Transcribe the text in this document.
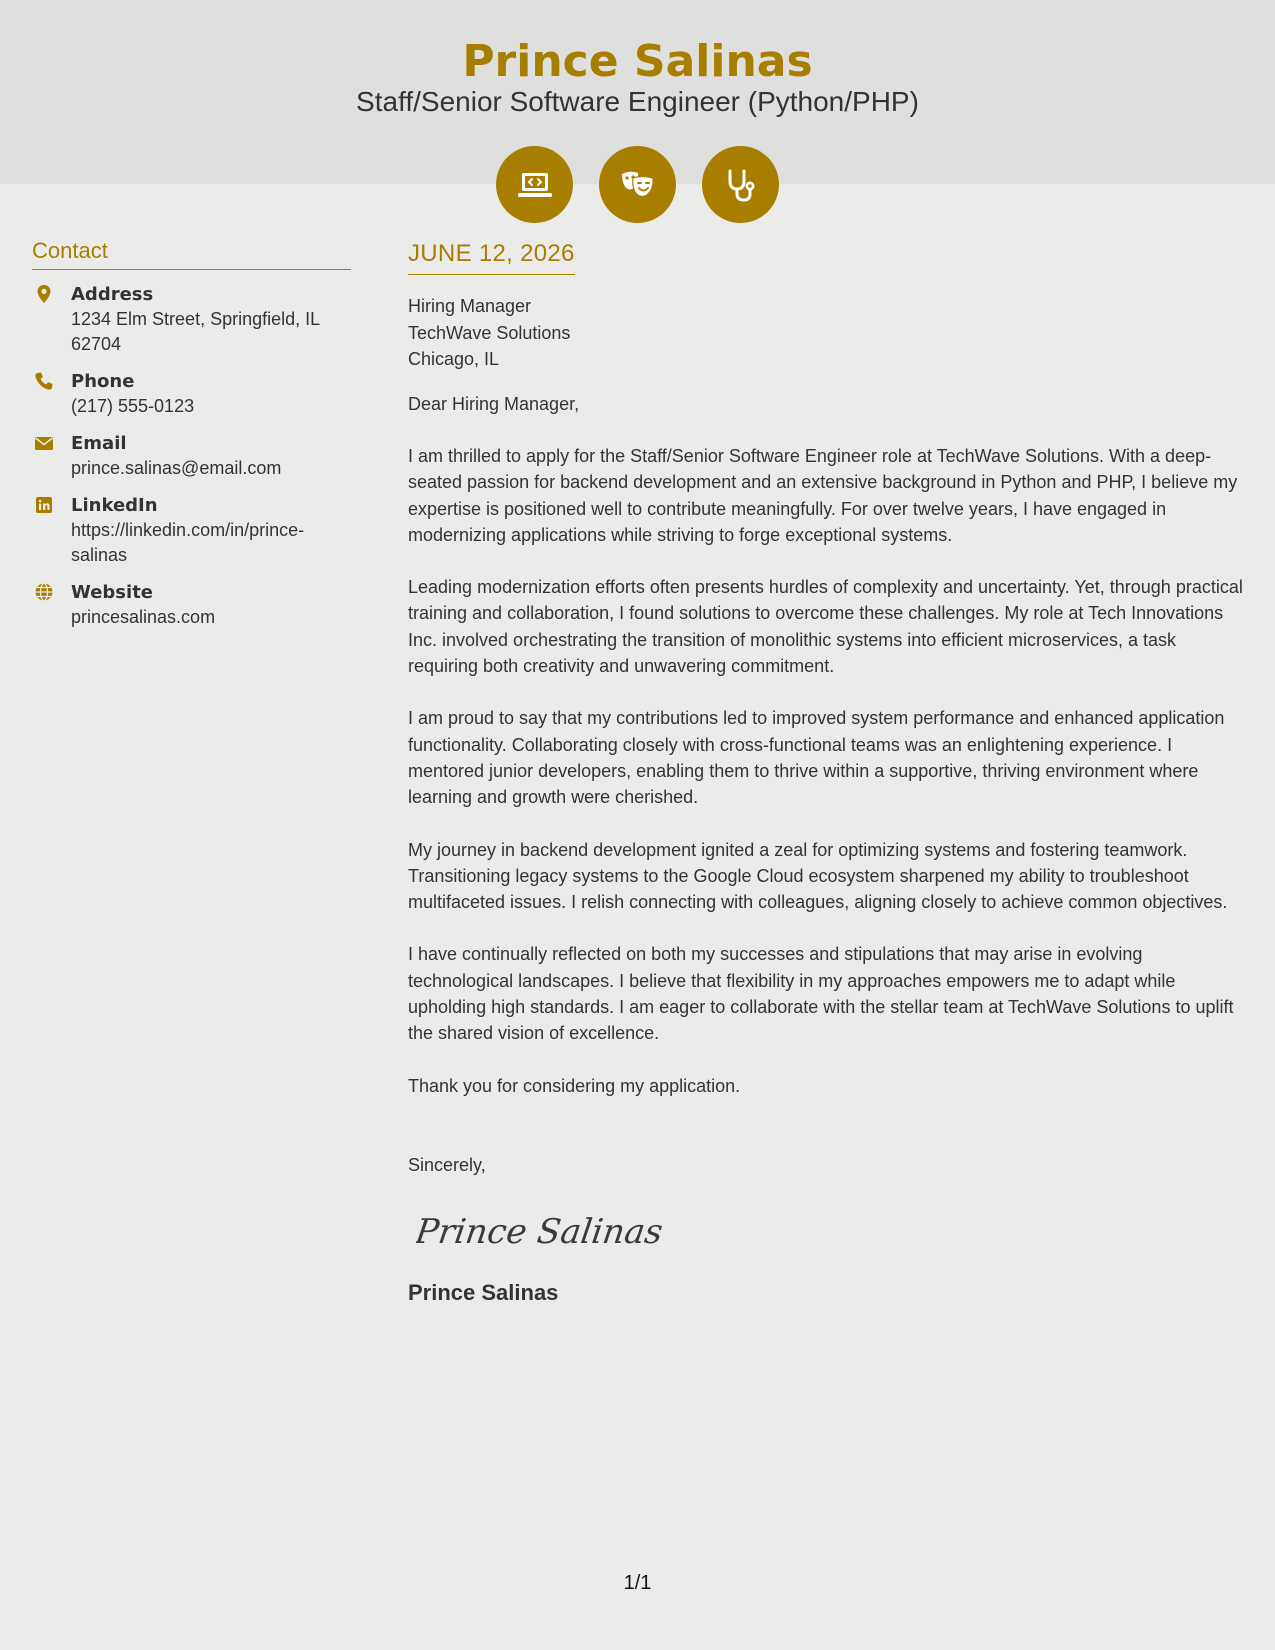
Prince Salinas
Staff/Senior Software Engineer (Python/PHP)
Contact
Address
1234 Elm Street, Springfield, IL 62704
Phone
(217) 555-0123
Email
prince.salinas@email.com
LinkedIn
https://linkedin.com/in/prince-salinas
Website
princesalinas.com
JUNE 12, 2026
Hiring Manager
TechWave Solutions
Chicago, IL
Dear Hiring Manager,
I am thrilled to apply for the Staff/Senior Software Engineer role at TechWave Solutions. With a deep-seated passion for backend development and an extensive background in Python and PHP, I believe my expertise is positioned well to contribute meaningfully. For over twelve years, I have engaged in modernizing applications while striving to forge exceptional systems.
Leading modernization efforts often presents hurdles of complexity and uncertainty. Yet, through practical training and collaboration, I found solutions to overcome these challenges. My role at Tech Innovations Inc. involved orchestrating the transition of monolithic systems into efficient microservices, a task requiring both creativity and unwavering commitment.
I am proud to say that my contributions led to improved system performance and enhanced application functionality. Collaborating closely with cross-functional teams was an enlightening experience. I mentored junior developers, enabling them to thrive within a supportive, thriving environment where learning and growth were cherished.
My journey in backend development ignited a zeal for optimizing systems and fostering teamwork. Transitioning legacy systems to the Google Cloud ecosystem sharpened my ability to troubleshoot multifaceted issues. I relish connecting with colleagues, aligning closely to achieve common objectives.
I have continually reflected on both my successes and stipulations that may arise in evolving technological landscapes. I believe that flexibility in my approaches empowers me to adapt while upholding high standards. I am eager to collaborate with the stellar team at TechWave Solutions to uplift the shared vision of excellence.
Thank you for considering my application.
Sincerely,
Prince Salinas
Prince Salinas
1/1
